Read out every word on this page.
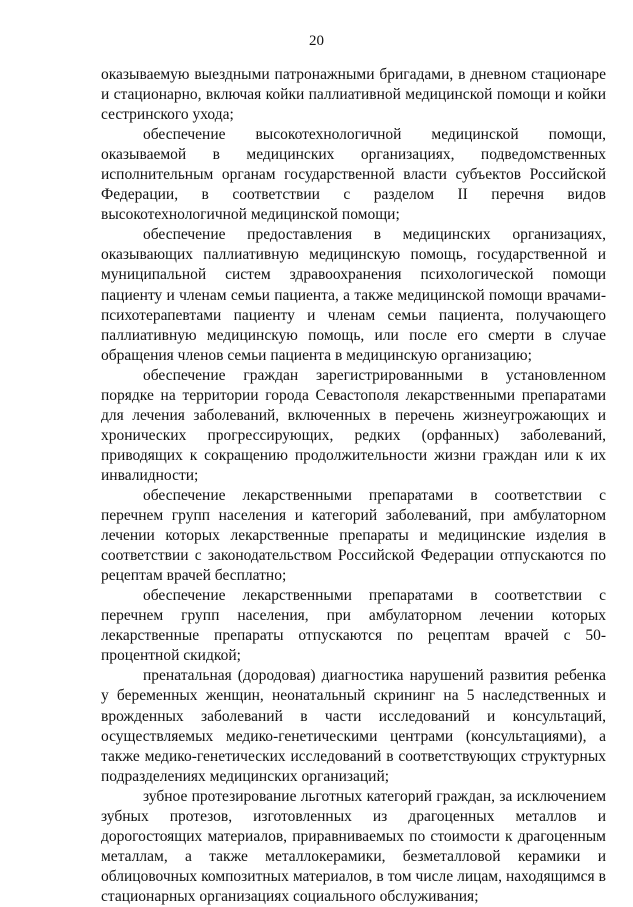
20

оказываемую выездными патронажными бригадами, в дневном стационаре и стационарно, включая койки паллиативной медицинской помощи и койки сестринского ухода;

обеспечение высокотехнологичной медицинской помощи, оказываемой в медицинских организациях, подведомственных исполнительным органам государственной власти субъектов Российской Федерации, в соответствии с разделом II перечня видов высокотехнологичной медицинской помощи;

обеспечение предоставления в медицинских организациях, оказывающих паллиативную медицинскую помощь, государственной и муниципальной систем здравоохранения психологической помощи пациенту и членам семьи пациента, а также медицинской помощи врачами-психотерапевтами пациенту и членам семьи пациента, получающего паллиативную медицинскую помощь, или после его смерти в случае обращения членов семьи пациента в медицинскую организацию;

обеспечение граждан зарегистрированными в установленном порядке на территории города Севастополя лекарственными препаратами для лечения заболеваний, включенных в перечень жизнеугрожающих и хронических прогрессирующих, редких (орфанных) заболеваний, приводящих к сокращению продолжительности жизни граждан или к их инвалидности;

обеспечение лекарственными препаратами в соответствии с перечнем групп населения и категорий заболеваний, при амбулаторном лечении которых лекарственные препараты и медицинские изделия в соответствии с законодательством Российской Федерации отпускаются по рецептам врачей бесплатно;

обеспечение лекарственными препаратами в соответствии с перечнем групп населения, при амбулаторном лечении которых лекарственные препараты отпускаются по рецептам врачей с 50-процентной скидкой;

пренатальная (дородовая) диагностика нарушений развития ребенка у беременных женщин, неонатальный скрининг на 5 наследственных и врожденных заболеваний в части исследований и консультаций, осуществляемых медико-генетическими центрами (консультациями), а также медико-генетических исследований в соответствующих структурных подразделениях медицинских организаций;

зубное протезирование льготных категорий граждан, за исключением зубных протезов, изготовленных из драгоценных металлов и дорогостоящих материалов, приравниваемых по стоимости к драгоценным металлам, а также металлокерамики, безметалловой керамики и облицовочных композитных материалов, в том числе лицам, находящимся в стационарных организациях социального обслуживания;
